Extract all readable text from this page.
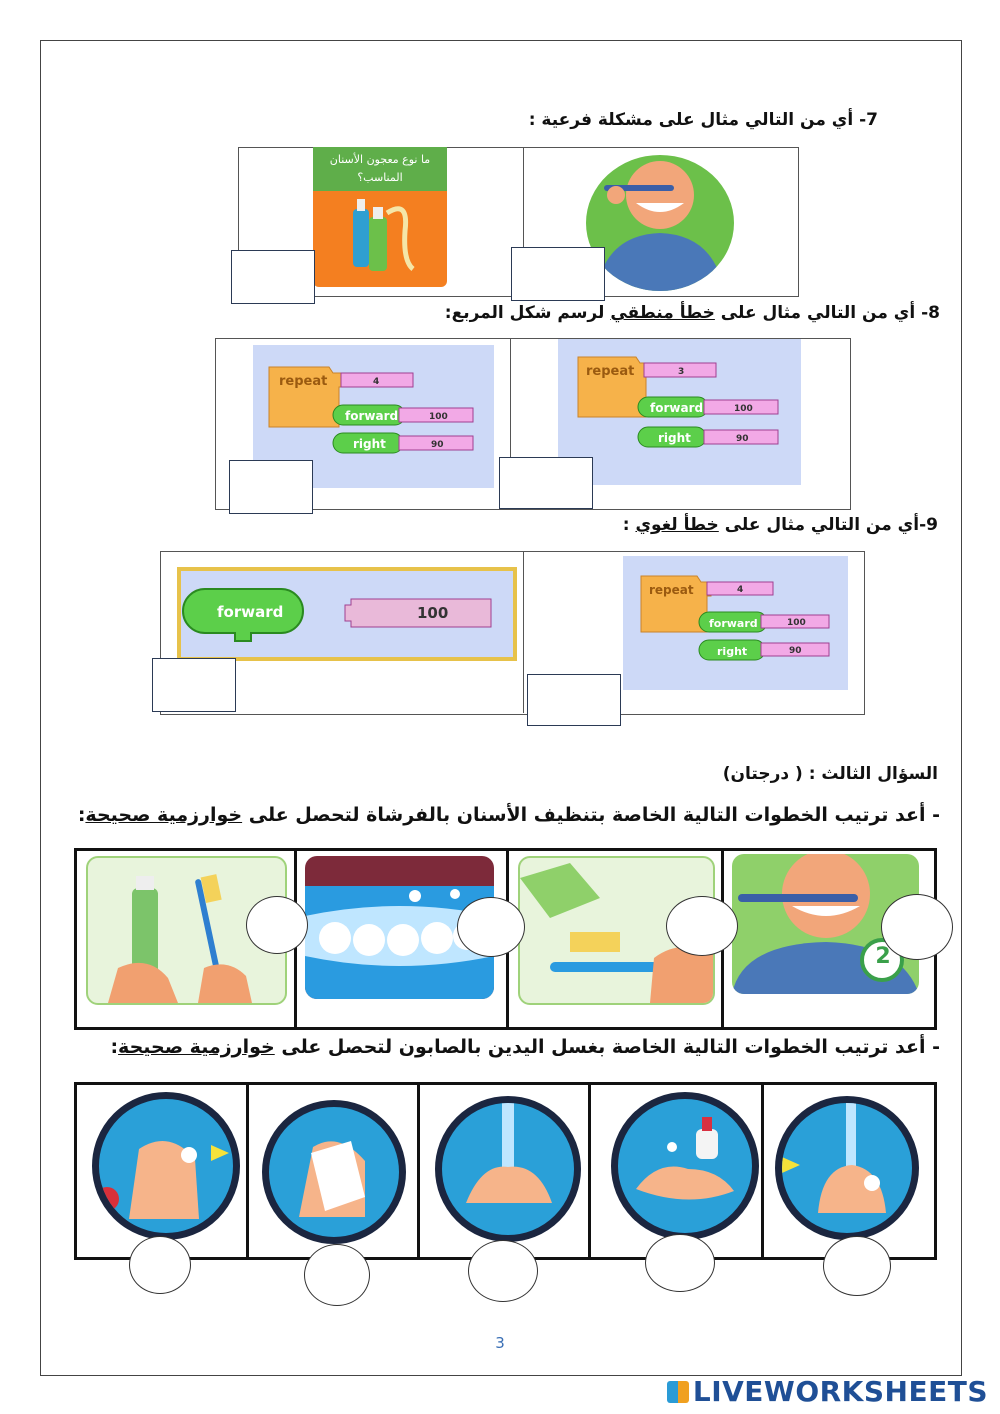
7- أي من التالي مثال على مشكلة فرعية :
ما نوع معجون الأسنان المناسب؟
8- أي من التالي مثال على خطأ منطقي لرسم شكل المربع:
repeat	4
forward	100
right	90
repeat	3
forward	100
right	90
9-أي من التالي مثال على خطأ لغوي :
forward	100
repeat	4
forward	100
right	90
السؤال الثالث : ( درجتان)
- أعد ترتيب الخطوات التالية الخاصة بتنظيف الأسنان بالفرشاة لتحصل على خوارزمية صحيحة:
2
- أعد ترتيب الخطوات التالية الخاصة بغسل اليدين بالصابون لتحصل على خوارزمية صحيحة:
3
LIVEWORKSHEETS
